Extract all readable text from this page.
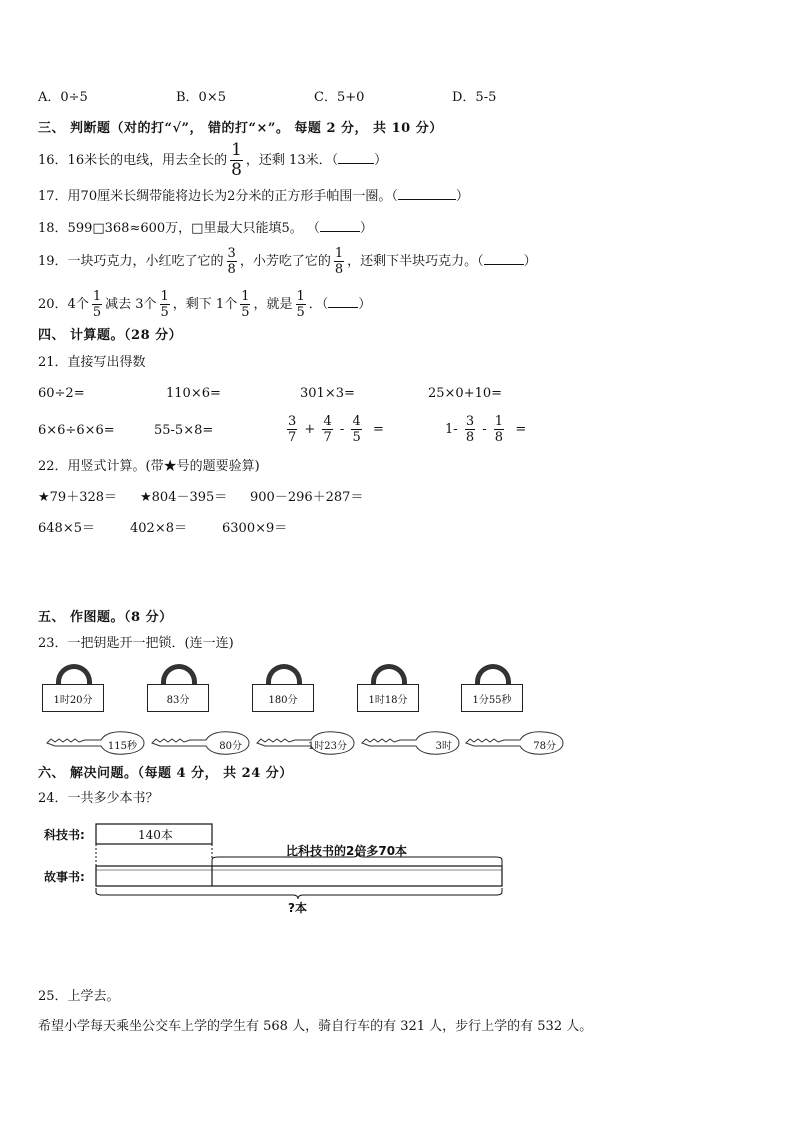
A．0÷5	B．0×5	C．5+0	D．5-5
三、 判断题（对的打“√”， 错的打“×”。 每题 2 分， 共 10 分）
16．16米长的电线，用去全长的 $\frac{1}{8}$ ，还剩 13米．（	）
17．用70厘米长绸带能将边长为2分米的正方形手帕围一圈。（	）
18．599□368≈600万，□里最大只能填5。 （	）
19．一块巧克力，小红吃了它的 $\frac{3}{8}$ ，小芳吃了它的 $\frac{1}{8}$ ，还剩下半块巧克力。（	）
20．4个 $\frac{1}{5}$ 减去 3个 $\frac{1}{5}$ ，剩下 1个 $\frac{1}{5}$ ，就是 $\frac{1}{5}$ ．（ ）
四、 计算题。（28 分）
21．直接写出得数
60÷2=	110×6=	301×3=	25×0+10=
6×6÷6×6=	55-5×8=	$\frac{3}{7} + \frac{4}{7} - \frac{4}{5}$ =	$1- \frac{3}{8} - \frac{1}{8}$ =
22．用竖式计算。(带★号的题要验算)
★79＋328＝ ★804－395＝ 900－296＋287＝
648×5＝	402×8＝	6300×9＝
五、 作图题。（8 分）
23．一把钥匙开一把锁．(连一连)
1时20分	83分	180分	1时18分	1分55秒
115秒	80分	1时23分	3时	78分
六、 解决问题。（每题 4 分， 共 24 分）
24．一共多少本书？
科技书:
故事书:
140本
比科技书的2倍多70本
?本
25．上学去。
希望小学每天乘坐公交车上学的学生有 568 人，骑自行车的有 321 人，步行上学的有 532 人。
